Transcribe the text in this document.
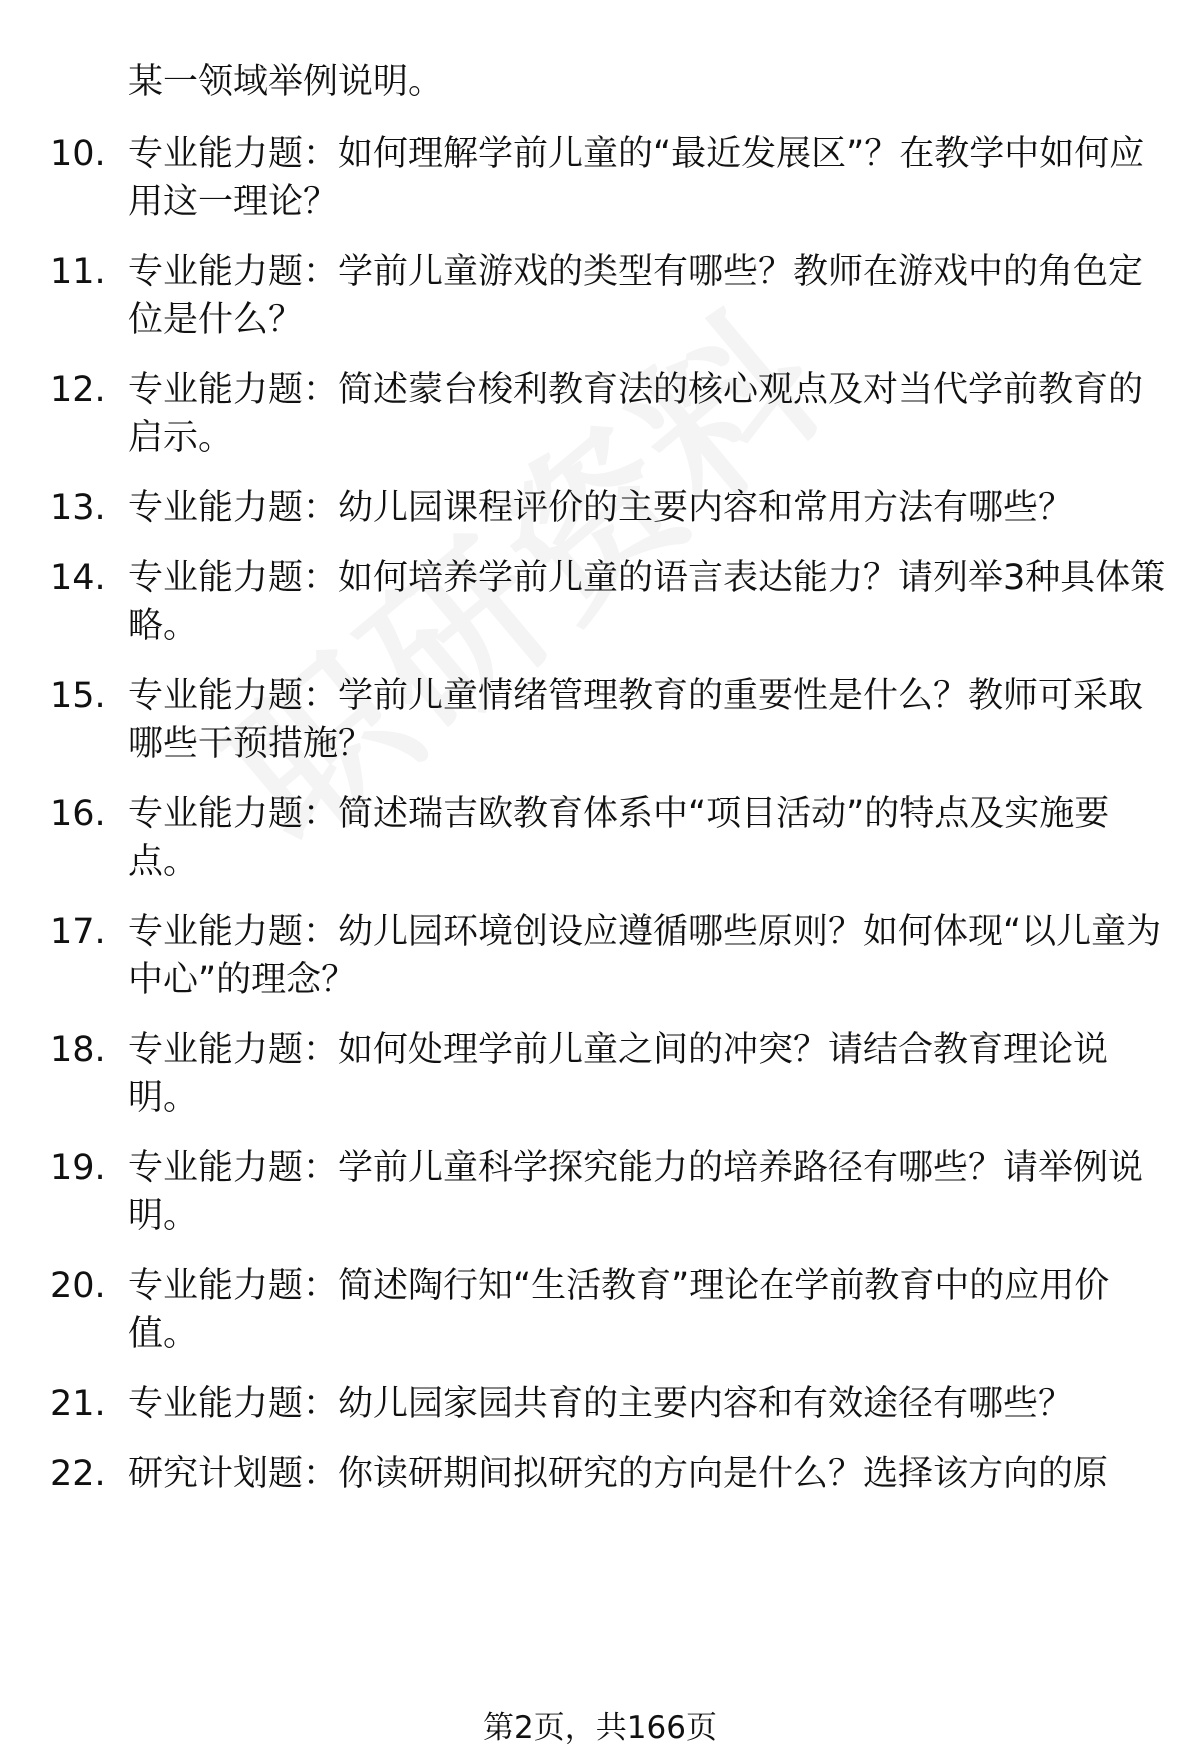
某一领域举例说明。
10. 专业能力题：如何理解学前儿童的“最近发展区”？在教学中如何应用这一理论？
11. 专业能力题：学前儿童游戏的类型有哪些？教师在游戏中的角色定位是什么？
12. 专业能力题：简述蒙台梭利教育法的核心观点及对当代学前教育的启示。
13. 专业能力题：幼儿园课程评价的主要内容和常用方法有哪些？
14. 专业能力题：如何培养学前儿童的语言表达能力？请列举3种具体策略。
15. 专业能力题：学前儿童情绪管理教育的重要性是什么？教师可采取哪些干预措施？
16. 专业能力题：简述瑞吉欧教育体系中“项目活动”的特点及实施要点。
17. 专业能力题：幼儿园环境创设应遵循哪些原则？如何体现“以儿童为中心”的理念？
18. 专业能力题：如何处理学前儿童之间的冲突？请结合教育理论说明。
19. 专业能力题：学前儿童科学探究能力的培养路径有哪些？请举例说明。
20. 专业能力题：简述陶行知“生活教育”理论在学前教育中的应用价值。
21. 专业能力题：幼儿园家园共育的主要内容和有效途径有哪些？
22. 研究计划题：你读研期间拟研究的方向是什么？选择该方向的原
第2页，共166页
